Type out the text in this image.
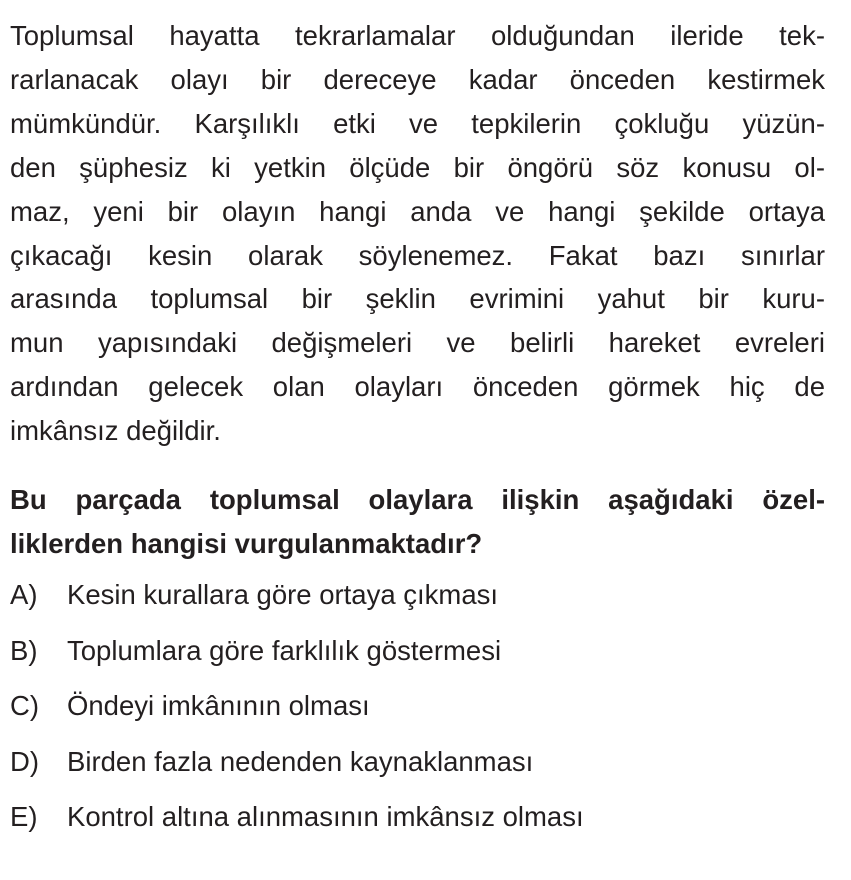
Toplumsal hayatta tekrarlamalar olduğundan ileride tek-
rarlanacak olayı bir dereceye kadar önceden kestirmek
mümkündür. Karşılıklı etki ve tepkilerin çokluğu yüzün-
den şüphesiz ki yetkin ölçüde bir öngörü söz konusu ol-
maz, yeni bir olayın hangi anda ve hangi şekilde ortaya
çıkacağı kesin olarak söylenemez. Fakat bazı sınırlar
arasında toplumsal bir şeklin evrimini yahut bir kuru-
mun yapısındaki değişmeleri ve belirli hareket evreleri
ardından gelecek olan olayları önceden görmek hiç de
imkânsız değildir.
Bu parçada toplumsal olaylara ilişkin aşağıdaki özel-
liklerden hangisi vurgulanmaktadır?
A)	Kesin kurallara göre ortaya çıkması
B)	Toplumlara göre farklılık göstermesi
C)	Öndeyi imkânının olması
D)	Birden fazla nedenden kaynaklanması
E)	Kontrol altına alınmasının imkânsız olması
